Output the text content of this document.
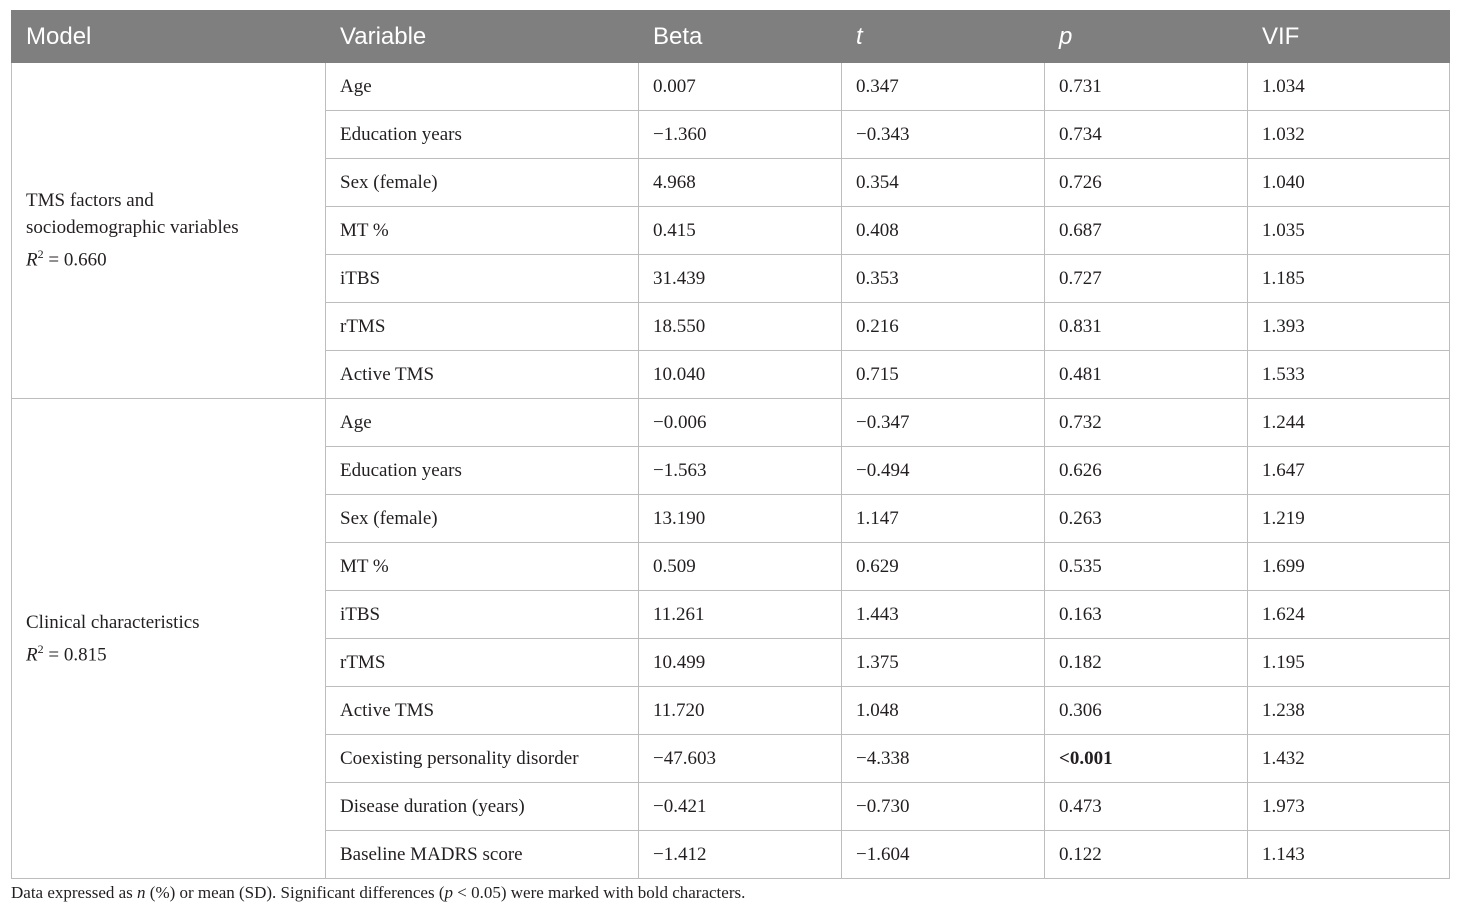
Model	Variable	Beta	t	p	VIF

TMS factors and
sociodemographic variables
$R^2 = 0.660$	Age	0.007	0.347	0.731	1.034
	Education years	−1.360	−0.343	0.734	1.032
	Sex (female)	4.968	0.354	0.726	1.040
	MT %	0.415	0.408	0.687	1.035
	iTBS	31.439	0.353	0.727	1.185
	rTMS	18.550	0.216	0.831	1.393
	Active TMS	10.040	0.715	0.481	1.533

Clinical characteristics
$R^2 = 0.815$	Age	−0.006	−0.347	0.732	1.244
	Education years	−1.563	−0.494	0.626	1.647
	Sex (female)	13.190	1.147	0.263	1.219
	MT %	0.509	0.629	0.535	1.699
	iTBS	11.261	1.443	0.163	1.624
	rTMS	10.499	1.375	0.182	1.195
	Active TMS	11.720	1.048	0.306	1.238
	Coexisting personality disorder	−47.603	−4.338	<0.001	1.432
	Disease duration (years)	−0.421	−0.730	0.473	1.973
	Baseline MADRS score	−1.412	−1.604	0.122	1.143
Data expressed as n (%) or mean (SD). Significant differences (p < 0.05) were marked with bold characters.
